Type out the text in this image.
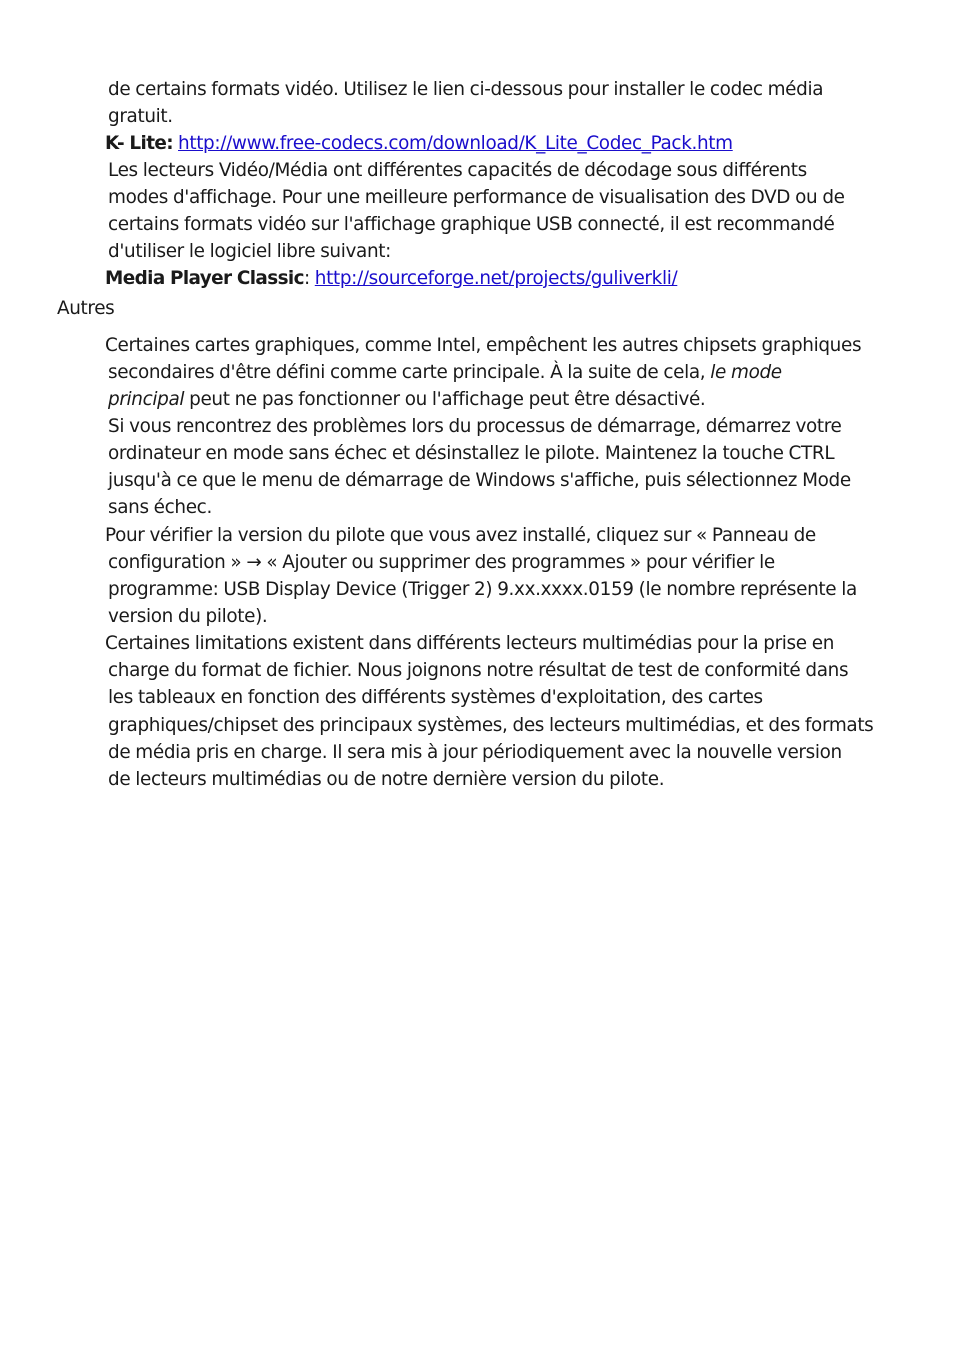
de certains formats vidéo. Utilisez le lien ci-dessous pour installer le codec média
gratuit.
K- Lite: http://www.free-codecs.com/download/K_Lite_Codec_Pack.htm
Les lecteurs Vidéo/Média ont différentes capacités de décodage sous différents
modes d'affichage. Pour une meilleure performance de visualisation des DVD ou de
certains formats vidéo sur l'affichage graphique USB connecté, il est recommandé
d'utiliser le logiciel libre suivant:
Media Player Classic: http://sourceforge.net/projects/guliverkli/
Autres
Certaines cartes graphiques, comme Intel, empêchent les autres chipsets graphiques
secondaires d'être défini comme carte principale. À la suite de cela, le mode
principal peut ne pas fonctionner ou l'affichage peut être désactivé.
Si vous rencontrez des problèmes lors du processus de démarrage, démarrez votre
ordinateur en mode sans échec et désinstallez le pilote. Maintenez la touche CTRL
jusqu'à ce que le menu de démarrage de Windows s'affiche, puis sélectionnez Mode
sans échec.
Pour vérifier la version du pilote que vous avez installé, cliquez sur « Panneau de
configuration » → « Ajouter ou supprimer des programmes » pour vérifier le
programme: USB Display Device (Trigger 2) 9.xx.xxxx.0159 (le nombre représente la
version du pilote).
Certaines limitations existent dans différents lecteurs multimédias pour la prise en
charge du format de fichier. Nous joignons notre résultat de test de conformité dans
les tableaux en fonction des différents systèmes d'exploitation, des cartes
graphiques/chipset des principaux systèmes, des lecteurs multimédias, et des formats
de média pris en charge. Il sera mis à jour périodiquement avec la nouvelle version
de lecteurs multimédias ou de notre dernière version du pilote.
